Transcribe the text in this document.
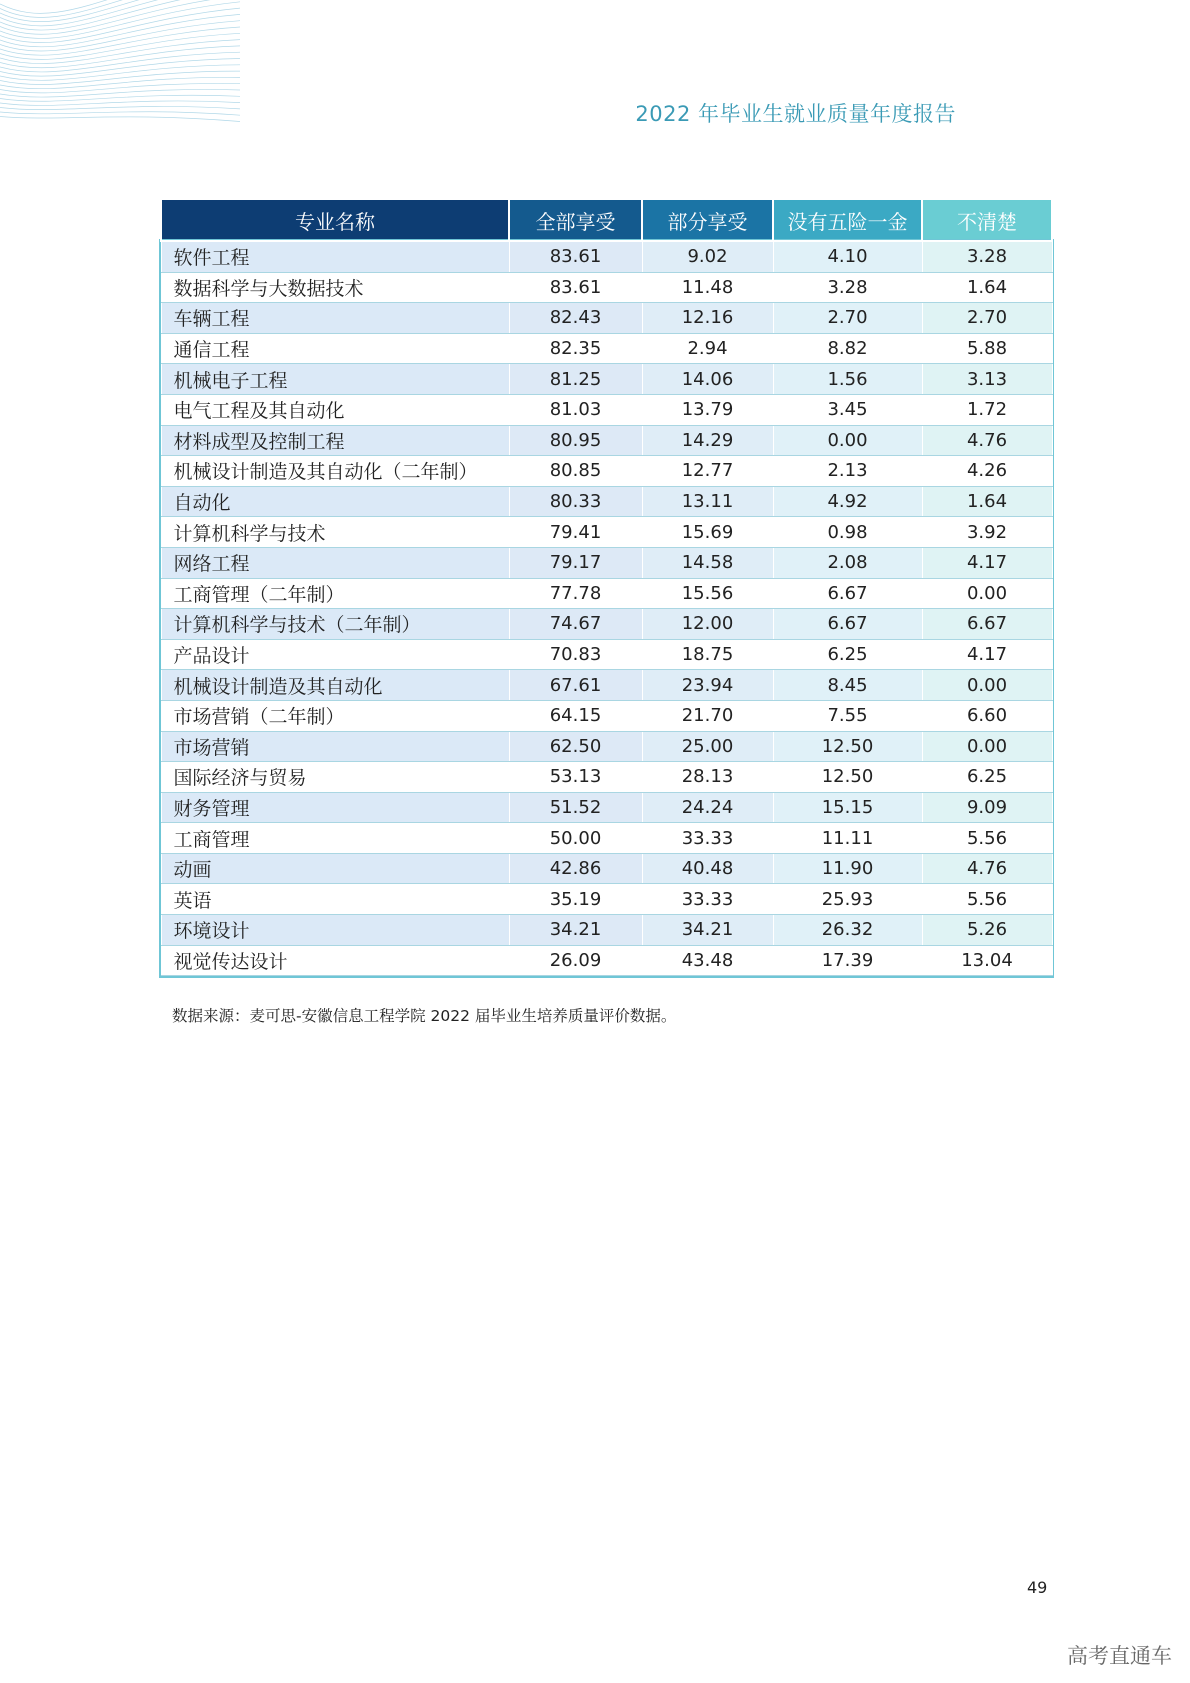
2022 年毕业生就业质量年度报告
专业名称	全部享受	部分享受	没有五险一金	不清楚
软件工程	83.61	9.02	4.10	3.28
数据科学与大数据技术	83.61	11.48	3.28	1.64
车辆工程	82.43	12.16	2.70	2.70
通信工程	82.35	2.94	8.82	5.88
机械电子工程	81.25	14.06	1.56	3.13
电气工程及其自动化	81.03	13.79	3.45	1.72
材料成型及控制工程	80.95	14.29	0.00	4.76
机械设计制造及其自动化（二年制）	80.85	12.77	2.13	4.26
自动化	80.33	13.11	4.92	1.64
计算机科学与技术	79.41	15.69	0.98	3.92
网络工程	79.17	14.58	2.08	4.17
工商管理（二年制）	77.78	15.56	6.67	0.00
计算机科学与技术（二年制）	74.67	12.00	6.67	6.67
产品设计	70.83	18.75	6.25	4.17
机械设计制造及其自动化	67.61	23.94	8.45	0.00
市场营销（二年制）	64.15	21.70	7.55	6.60
市场营销	62.50	25.00	12.50	0.00
国际经济与贸易	53.13	28.13	12.50	6.25
财务管理	51.52	24.24	15.15	9.09
工商管理	50.00	33.33	11.11	5.56
动画	42.86	40.48	11.90	4.76
英语	35.19	33.33	25.93	5.56
环境设计	34.21	34.21	26.32	5.26
视觉传达设计	26.09	43.48	17.39	13.04
数据来源：麦可思-安徽信息工程学院 2022 届毕业生培养质量评价数据。
49
高考直通车
